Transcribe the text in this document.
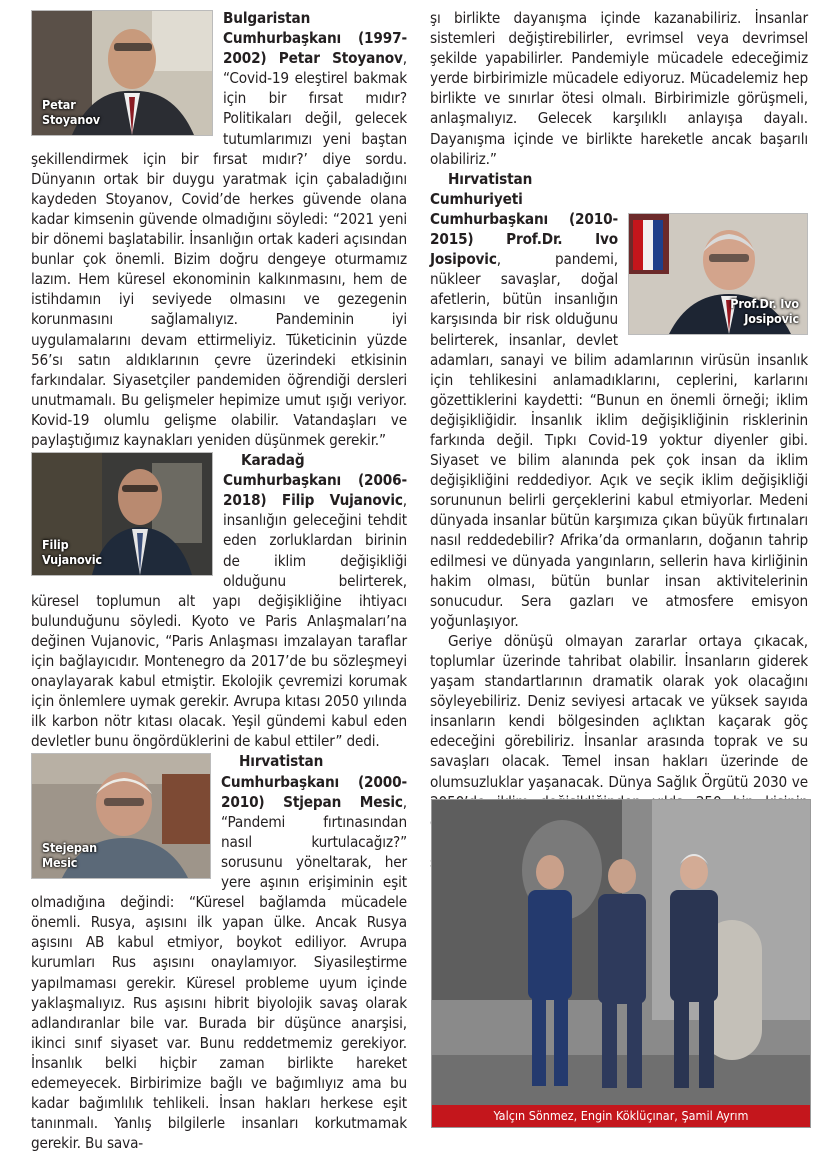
Petar Stoyanov

Bulgaristan Cumhurbaşkanı (1997-2002) Petar Stoyanov, “Covid-19 eleştirel bakmak için bir fırsat mıdır? Politikaları değil, gelecek tutumlarımızı yeni baştan şekillendirmek için bir fırsat mıdır?’ diye sordu. Dünyanın ortak bir duygu yaratmak için çabaladığını kaydeden Stoyanov, Covid’de herkes güvende olana kadar kimsenin güvende olmadığını söyledi: “2021 yeni bir dönemi başlatabilir. İnsanlığın ortak kaderi açısından bunlar çok önemli. Bizim doğru dengeye oturmamız lazım. Hem küresel ekonominin kalkınmasını, hem de istihdamın iyi seviyede olmasını ve gezegenin korunmasını sağlamalıyız. Pandeminin iyi uygulamalarını devam ettirmeliyiz. Tüketicinin yüzde 56’sı satın aldıklarının çevre üzerindeki etkisinin farkındalar. Siyasetçiler pandemiden öğrendiği dersleri unutmamalı. Bu gelişmeler hepimize umut ışığı veriyor. Kovid-19 olumlu gelişme olabilir. Vatandaşları ve paylaştığımız kaynakları yeniden düşünmek gerekir.”

Filip Vujanovic

Karadağ Cumhurbaşkanı (2006-2018) Filip Vujanovic, insanlığın geleceğini tehdit eden zorluklardan birinin de iklim değişikliği olduğunu belirterek, küresel toplumun alt yapı değişikliğine ihtiyacı bulunduğunu söyledi. Kyoto ve Paris Anlaşmaları’na değinen Vujanovic, “Paris Anlaşması imzalayan taraflar için bağlayıcıdır. Montenegro da 2017’de bu sözleşmeyi onaylayarak kabul etmiştir. Ekolojik çevremizi korumak için önlemlere uymak gerekir. Avrupa kıtası 2050 yılında ilk karbon nötr kıtası olacak. Yeşil gündemi kabul eden devletler bunu öngördüklerini de kabul ettiler” dedi.

Stejepan Mesic

Hırvatistan Cumhurbaşkanı (2000-2010) Stjepan Mesic, “Pandemi fırtınasından nasıl kurtulacağız?” sorusunu yöneltarak, her yere aşının erişiminin eşit olmadığına değindi: “Küresel bağlamda mücadele önemli. Rusya, aşısını ilk yapan ülke. Ancak Rusya aşısını AB kabul etmiyor, boykot ediliyor. Avrupa kurumları Rus aşısını onaylamıyor. Siyasileştirme yapılmaması gerekir. Küresel probleme uyum içinde yaklaşmalıyız. Rus aşısını hibrit biyolojik savaş olarak adlandıranlar bile var. Burada bir düşünce anarşisi, ikinci sınıf siyaset var. Bunu reddetmemiz gerekiyor. İnsanlık belki hiçbir zaman birlikte hareket edemeyecek. Birbirimize bağlı ve bağımlıyız ama bu kadar bağımlılık tehlikeli. İnsan hakları herkese eşit tanınmalı. Yanlış bilgilerle insanları korkutmamak gerekir. Bu sava-

şı birlikte dayanışma içinde kazanabiliriz. İnsanlar sistemleri değiştirebilirler, evrimsel veya devrimsel şekilde yapabilirler. Pandemiyle mücadele edeceğimiz yerde birbirimizle mücadele ediyoruz. Mücadelemiz hep birlikte ve sınırlar ötesi olmalı. Birbirimizle görüşmeli, anlaşmalıyız. Gelecek karşılıklı anlayışa dayalı. Dayanışma içinde ve birlikte hareketle ancak başarılı olabiliriz.”

Prof.Dr. Ivo Josipovic

Hırvatistan Cumhuriyeti Cumhurbaşkanı (2010-2015) Prof.Dr. Ivo Josipovic, pandemi, nükleer savaşlar, doğal afetlerin, bütün insanlığın karşısında bir risk olduğunu belirterek, insanlar, devlet adamları, sanayi ve bilim adamlarının virüsün insanlık için tehlikesini anlamadıklarını, ceplerini, karlarını gözettiklerini kaydetti: “Bunun en önemli örneği; iklim değişikliğidir. İnsanlık iklim değişikliğinin risklerinin farkında değil. Tıpkı Covid-19 yoktur diyenler gibi. Siyaset ve bilim alanında pek çok insan da iklim değişikliğini reddediyor. Açık ve seçik iklim değişikliği sorununun belirli gerçeklerini kabul etmiyorlar. Medeni dünyada insanlar bütün karşımıza çıkan büyük fırtınaları nasıl reddedebilir? Afrika’da ormanların, doğanın tahrip edilmesi ve dünyada yangınların, sellerin hava kirliğinin hakim olması, bütün bunlar insan aktivitelerinin sonucudur. Sera gazları ve atmosfere emisyon yoğunlaşıyor.

Geriye dönüşü olmayan zararlar ortaya çıkacak, toplumlar üzerinde tahribat olabilir. İnsanların giderek yaşam standartlarının dramatik olarak yok olacağını söyleyebiliriz. Deniz seviyesi artacak ve yüksek sayıda insanların kendi bölgesinden açlıktan kaçarak göç edeceğini görebiliriz. İnsanlar arasında toprak ve su savaşları olacak. Temel insan hakları üzerinde de olumsuzluklar yaşanacak. Dünya Sağlık Örgütü 2030 ve

Yalçın Sönmez, Engin Köklüçınar, Şamil Ayrım
